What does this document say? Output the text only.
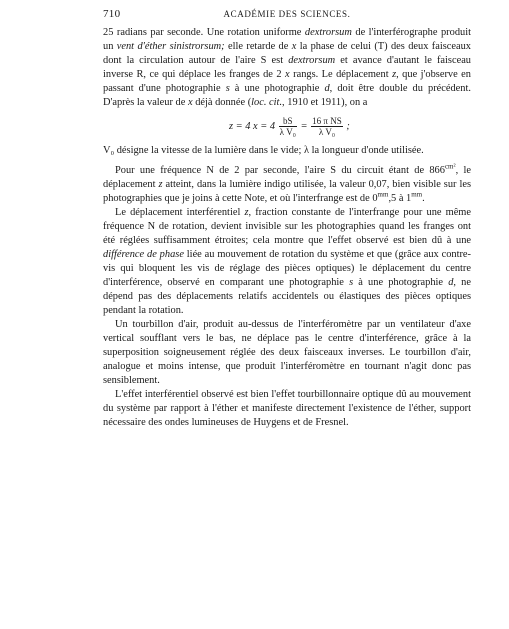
710	ACADÉMIE DES SCIENCES.

25 radians par seconde. Une rotation uniforme dextrorsum de l'interférographe produit un vent d'éther sinistrorsum; elle retarde de x la phase de celui (T) des deux faisceaux dont la circulation autour de l'aire S est dextrorsum et avance d'autant le faisceau inverse R, ce qui déplace les franges de 2 x rangs. Le déplacement z, que j'observe en passant d'une photographie s à une photographie d, doit être double du précédent. D'après la valeur de x déjà donnée (loc. cit., 1910 et 1911), on a

z = 4 $x = 4 \frac{bS}{\text{λ V₀}} = \frac{\text{16 π NS}}{\text{λ V₀}}$ ;

V₀ désigne la vitesse de la lumière dans le vide; λ la longueur d'onde utilisée.

Pour une fréquence N de 2 par seconde, l'aire S du circuit étant de $866^{cm^2}$, le déplacement z atteint, dans la lumière indigo utilisée, la valeur 0,07, bien visible sur les photographies que je joins à cette Note, et où l'interfrange est de $0^{mm},5$ à $1^{mm}$.

Le déplacement interférentiel z, fraction constante de l'interfrange pour une même fréquence N de rotation, devient invisible sur les photographies quand les franges ont été réglées suffisamment étroites; cela montre que l'effet observé est bien dû à une différence de phase liée au mouvement de rotation du système et que (grâce aux contre-vis qui bloquent les vis de réglage des pièces optiques) le déplacement du centre d'interférence, observé en comparant une photographie s à une photographie d, ne dépend pas des déplacements relatifs accidentels ou élastiques des pièces optiques pendant la rotation.

Un tourbillon d'air, produit au-dessus de l'interféromètre par un ventilateur d'axe vertical soufflant vers le bas, ne déplace pas le centre d'interférence, grâce à la superposition soigneusement réglée des deux faisceaux inverses. Le tourbillon d'air, analogue et moins intense, que produit l'interféromètre en tournant n'agit donc pas sensiblement.

L'effet interférentiel observé est bien l'effet tourbillonnaire optique dû au mouvement du système par rapport à l'éther et manifeste directement l'existence de l'éther, support nécessaire des ondes lumineuses de Huygens et de Fresnel.
